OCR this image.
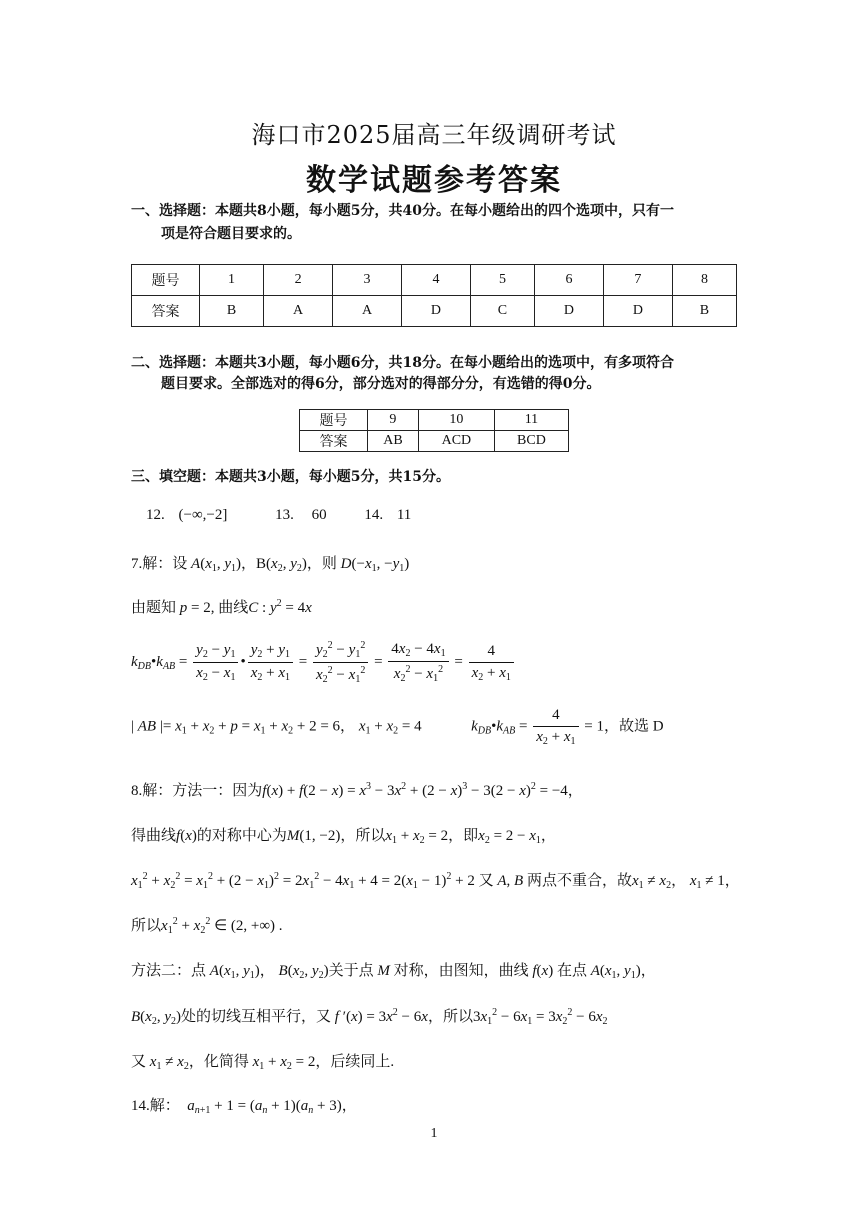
海口市2025届高三年级调研考试
数学试题参考答案
一、选择题：本题共8小题，每小题5分，共40分。在每小题给出的四个选项中，只有一
项是符合题目要求的。
题号	1	2	3	4	5	6	7	8
答案	B	A	A	D	C	D	D	B
二、选择题：本题共3小题，每小题6分，共18分。在每小题给出的选项中，有多项符合
题目要求。全部选对的得6分，部分选对的得部分分，有选错的得0分。
题号	9	10	11
答案	AB	ACD	BCD
三、填空题：本题共3小题，每小题5分，共15分。
12. (−∞,−2]	13. 60	14. 11
7.解：设 $A(x_1$, $y_1$)，$B(x_2$, $y_2$)，则 $D(-x_1$, $-y_1$)
由题知 p = 2, 曲线C : $y^2 = 4x$
$k_{DB}•k_{AB} = \frac{y_2 - y_1}{x_2 - x_1}$ • $\frac{y_2 + y_1}{x_2 + x_1} = \frac{y_2^2 - y_1^2}{x_2^2 - x_1^2} = \frac{4x_2 - 4x_1}{x_2^2 - x_1^2} = \frac{4}{x_2 + x_1}$
| AB |= $x_1 + x_2 + p = x_1 + x_2 + 2 = 6$， $x_1 + x_2 = 4$	$k_{DB}•k_{AB} = \frac{4}{x_2 + x_1} = 1$，故选 D
8.解：方法一：因为$f(x) + f(2 - x) = x^3 - 3x^2 + (2 - x)^3 - 3(2 - x)^2 = -4$，
得曲线f(x)的对称中心为M(1, −2)，所以$x_1 + x_2 = 2$，即$x_2 = 2 - x_1$，
$x_1^2 + x_2^2 = x_1^2 + (2 - x_1)^2 = 2x_1^2 - 4x_1 + 4 = 2(x_1 - 1)^2 + 2$ 又 A, B 两点不重合，故$x_1 \ne x_2$， $x_1 \ne 1$，
所以$x_1^2 + x_2^2$ ∈ (2, +∞) .
方法二：点 $A(x_1$, $y_1$)， $B(x_2$, $y_2$)关于点 M 对称，由图知，曲线 f(x) 在点 $A(x_1$, $y_1$)，
$B(x_2$, $y_2$)处的切线互相平行，又 f $'(x) = 3x^2 - 6x$，所以$3x_1^2 - 6x_1 = 3x_2^2 - 6x_2$
又 $x_1 \ne x_2$，化简得 $x_1 + x_2 = 2$，后续同上.
14.解： $a_{n+1} + 1 = (a_n + 1)(a_n + 3)$，
1
